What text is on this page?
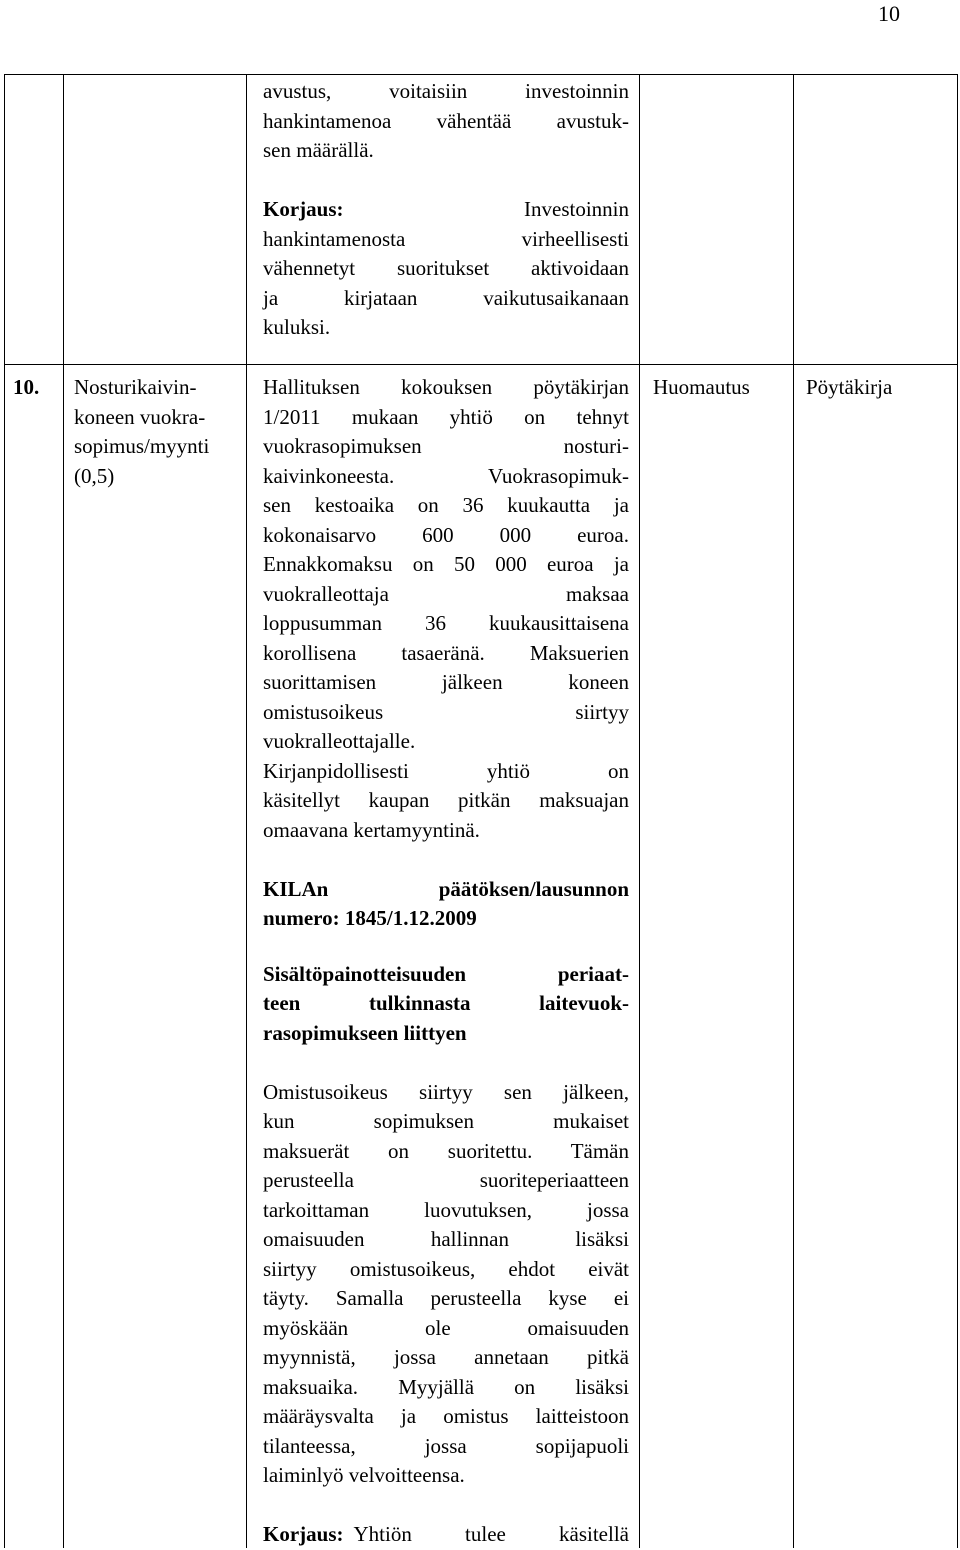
10
avustus, voitaisiin investoinnin
hankintamenoa vähentää avustuk-
sen määrällä.
Korjaus:	Investoinnin
hankintamenosta virheellisesti
vähennetyt suoritukset aktivoidaan
ja kirjataan vaikutusaikanaan
kuluksi.
10. Nosturikaivin-
koneen vuokra-
sopimus/myynti
(0,5)
Hallituksen kokouksen pöytäkirjan
1/2011 mukaan yhtiö on tehnyt
vuokrasopimuksen nosturi-
kaivinkoneesta. Vuokrasopimuk-
sen kestoaika on 36 kuukautta ja
kokonaisarvo 600 000 euroa.
Ennakkomaksu on 50 000 euroa ja
vuokralleottaja maksaa
loppusumman 36 kuukausittaisena
korollisena tasaeränä. Maksuerien
suorittamisen jälkeen koneen
omistusoikeus siirtyy
vuokralleottajalle.
Kirjanpidollisesti yhtiö on
käsitellyt kaupan pitkän maksuajan
omaavana kertamyyntinä.
KILAn päätöksen/lausunnon
numero: 1845/1.12.2009
Sisältöpainotteisuuden periaat-
teen tulkinnasta laitevuok-
rasopimukseen liittyen
Omistusoikeus siirtyy sen jälkeen,
kun sopimuksen mukaiset
maksuerät on suoritettu. Tämän
perusteella suoriteperiaatteen
tarkoittaman luovutuksen, jossa
omaisuuden hallinnan lisäksi
siirtyy omistusoikeus, ehdot eivät
täyty. Samalla perusteella kyse ei
myöskään ole omaisuuden
myynnistä, jossa annetaan pitkä
maksuaika. Myyjällä on lisäksi
määräysvalta ja omistus laitteistoon
tilanteessa, jossa sopijapuoli
laiminlyö velvoitteensa.
Korjaus: Yhtiön tulee käsitellä
Huomautus	Pöytäkirja
